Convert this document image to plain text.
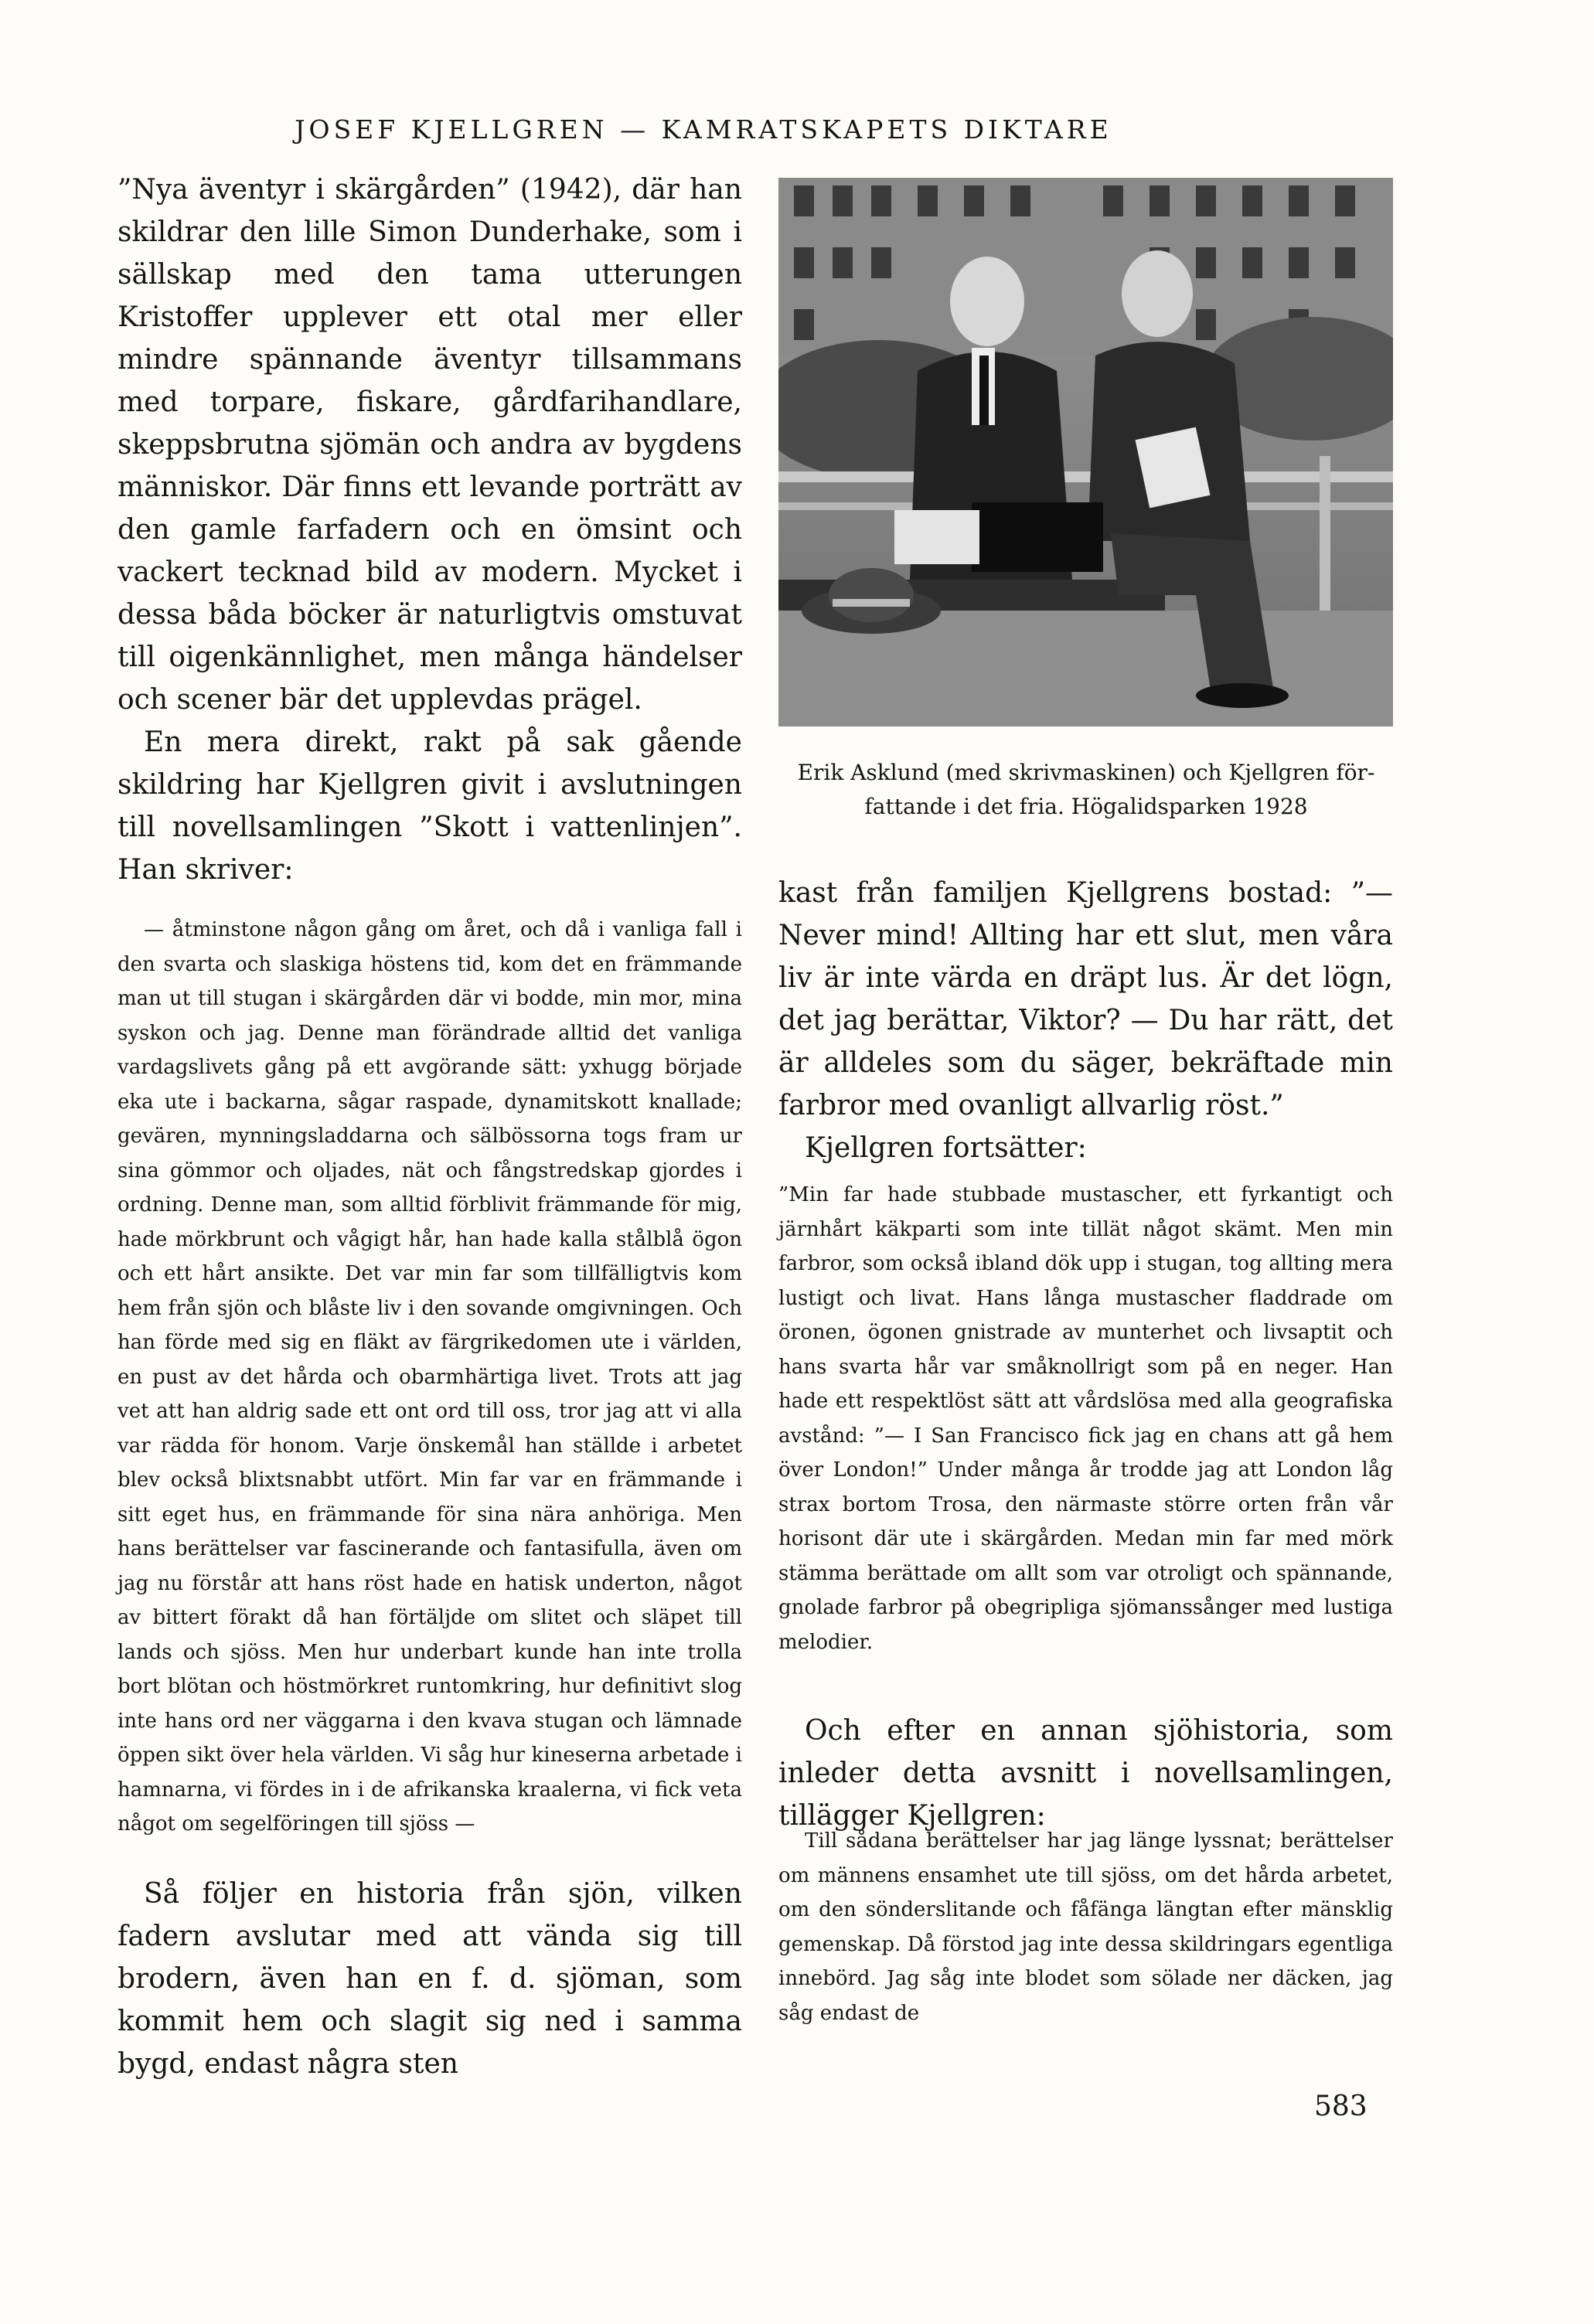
JOSEF KJELLGREN — KAMRATSKAPETS DIKTARE

”Nya äventyr i skärgården” (1942), där han skildrar den lille Simon Dunderhake, som i sällskap med den tama utterungen Kristoffer upplever ett otal mer eller mindre spännande äventyr tillsammans med torpare, fiskare, gårdfarihandlare, skeppsbrutna sjömän och andra av bygdens människor. Där finns ett levande porträtt av den gamle farfadern och en ömsint och vackert tecknad bild av modern. Mycket i dessa båda böcker är naturligtvis omstuvat till oigenkännlighet, men många händelser och scener bär det upplevdas prägel.

En mera direkt, rakt på sak gående skildring har Kjellgren givit i avslutningen till novellsamlingen ”Skott i vattenlinjen”. Han skriver:

— åtminstone någon gång om året, och då i vanliga fall i den svarta och slaskiga höstens tid, kom det en främmande man ut till stugan i skärgården där vi bodde, min mor, mina syskon och jag. Denne man förändrade alltid det vanliga vardagslivets gång på ett avgörande sätt: yxhugg började eka ute i backarna, sågar raspade, dynamitskott knallade; gevären, mynningsladdarna och sälbössorna togs fram ur sina gömmor och oljades, nät och fångstredskap gjordes i ordning. Denne man, som alltid förblivit främmande för mig, hade mörkbrunt och vågigt hår, han hade kalla stålblå ögon och ett hårt ansikte. Det var min far som tillfälligtvis kom hem från sjön och blåste liv i den sovande omgivningen. Och han förde med sig en fläkt av färgrikedomen ute i världen, en pust av det hårda och obarmhärtiga livet. Trots att jag vet att han aldrig sade ett ont ord till oss, tror jag att vi alla var rädda för honom. Varje önskemål han ställde i arbetet blev också blixtsnabbt utfört. Min far var en främmande i sitt eget hus, en främmande för sina nära anhöriga. Men hans berättelser var fascinerande och fantasifulla, även om jag nu förstår att hans röst hade en hatisk underton, något av bittert förakt då han förtäljde om slitet och släpet till lands och sjöss. Men hur underbart kunde han inte trolla bort blötan och höstmörkret runtomkring, hur definitivt slog inte hans ord ner väggarna i den kvava stugan och lämnade öppen sikt över hela världen. Vi såg hur kineserna arbetade i hamnarna, vi fördes in i de afrikanska kraalerna, vi fick veta något om segelföringen till sjöss —

Så följer en historia från sjön, vilken fadern avslutar med att vända sig till brodern, även han en f. d. sjöman, som kommit hem och slagit sig ned i samma bygd, endast några sten

Erik Asklund (med skrivmaskinen) och Kjellgren författande i det fria. Högalidsparken 1928

kast från familjen Kjellgrens bostad: ”— Never mind! Allting har ett slut, men våra liv är inte värda en dräpt lus. Är det lögn, det jag berättar, Viktor? — Du har rätt, det är alldeles som du säger, bekräftade min farbror med ovanligt allvarlig röst.”

Kjellgren fortsätter:

”Min far hade stubbade mustascher, ett fyrkantigt och järnhårt käkparti som inte tillät något skämt. Men min farbror, som också ibland dök upp i stugan, tog allting mera lustigt och livat. Hans långa mustascher fladdrade om öronen, ögonen gnistrade av munterhet och livsaptit och hans svarta hår var småknollrigt som på en neger. Han hade ett respektlöst sätt att vårdslösa med alla geografiska avstånd: ”— I San Francisco fick jag en chans att gå hem över London!” Under många år trodde jag att London låg strax bortom Trosa, den närmaste större orten från vår horisont där ute i skärgården. Medan min far med mörk stämma berättade om allt som var otroligt och spännande, gnolade farbror på obegripliga sjömanssånger med lustiga melodier.

Och efter en annan sjöhistoria, som inleder detta avsnitt i novellsamlingen, tillägger Kjellgren:

Till sådana berättelser har jag länge lyssnat; berättelser om männens ensamhet ute till sjöss, om det hårda arbetet, om den sönderslitande och fåfänga längtan efter mänsklig gemenskap. Då förstod jag inte dessa skildringars egentliga innebörd. Jag såg inte blodet som sölade ner däcken, jag såg endast de

583
